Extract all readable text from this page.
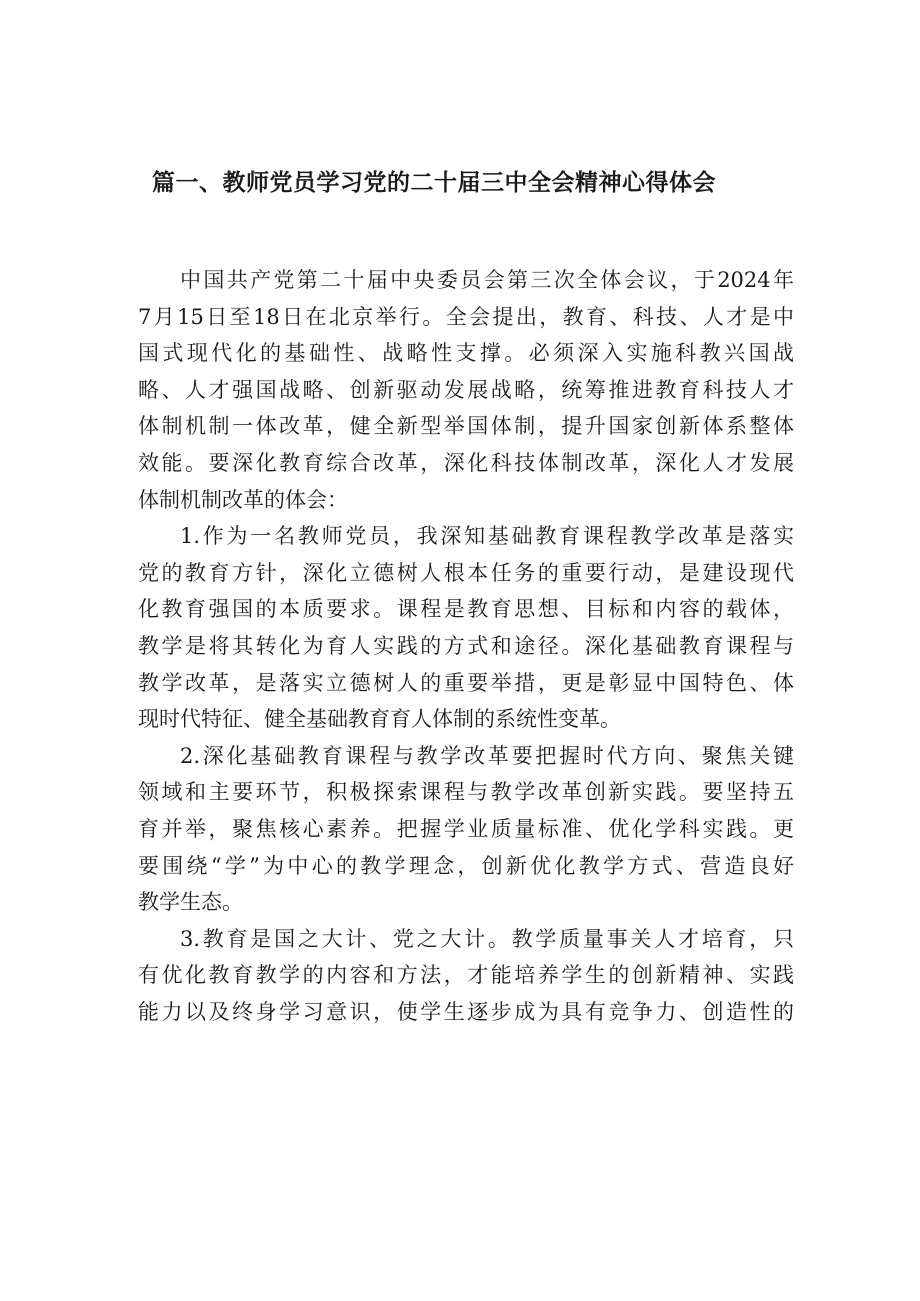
篇一、教师党员学习党的二十届三中全会精神心得体会
中国共产党第二十届中央委员会第三次全体会议，于2024年
7月15日至18日在北京举行。全会提出，教育、科技、人才是中
国式现代化的基础性、战略性支撑。必须深入实施科教兴国战
略、人才强国战略、创新驱动发展战略，统筹推进教育科技人才
体制机制一体改革，健全新型举国体制，提升国家创新体系整体
效能。要深化教育综合改革，深化科技体制改革，深化人才发展
体制机制改革的体会：
1.作为一名教师党员，我深知基础教育课程教学改革是落实
党的教育方针，深化立德树人根本任务的重要行动，是建设现代
化教育强国的本质要求。课程是教育思想、目标和内容的载体，
教学是将其转化为育人实践的方式和途径。深化基础教育课程与
教学改革，是落实立德树人的重要举措，更是彰显中国特色、体
现时代特征、健全基础教育育人体制的系统性变革。
2.深化基础教育课程与教学改革要把握时代方向、聚焦关键
领域和主要环节，积极探索课程与教学改革创新实践。要坚持五
育并举，聚焦核心素养。把握学业质量标准、优化学科实践。更
要围绕“学”为中心的教学理念，创新优化教学方式、营造良好
教学生态。
3.教育是国之大计、党之大计。教学质量事关人才培育，只
有优化教育教学的内容和方法，才能培养学生的创新精神、实践
能力以及终身学习意识，使学生逐步成为具有竞争力、创造性的
